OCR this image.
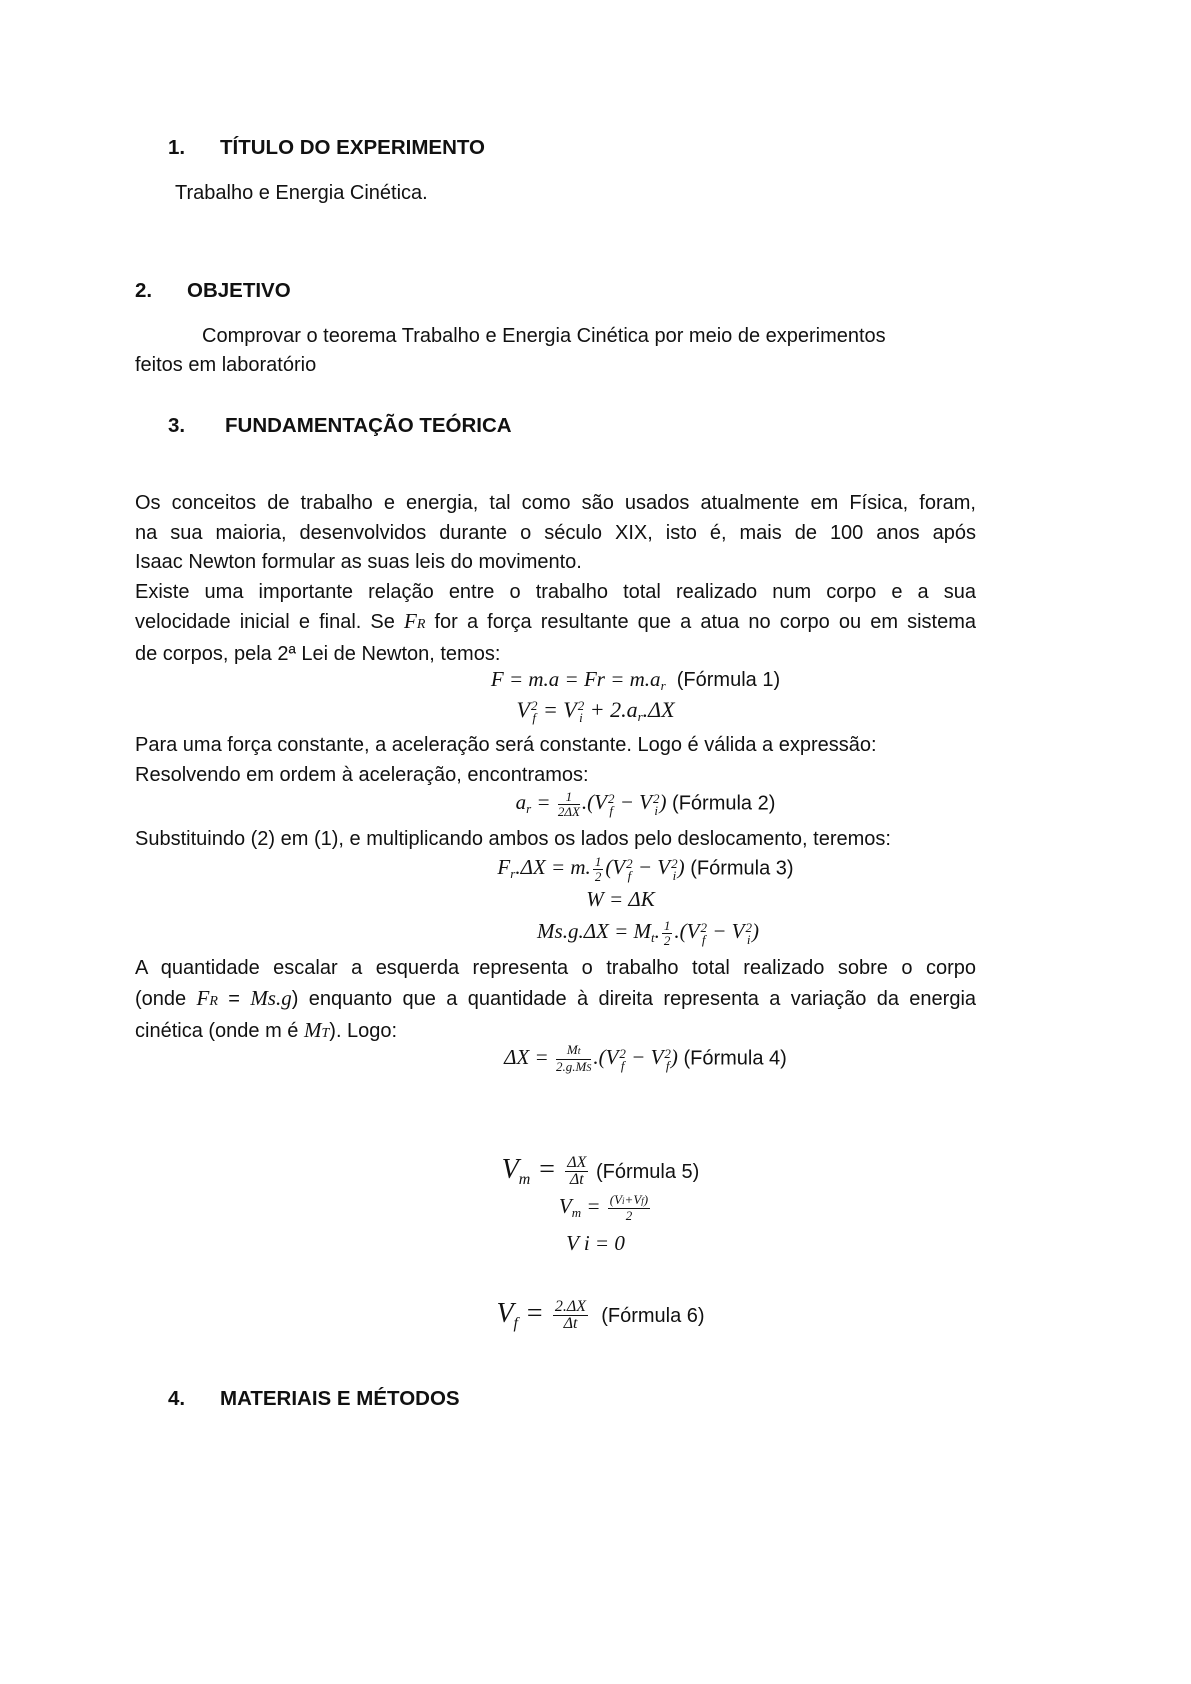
1. TÍTULO DO EXPERIMENTO
Trabalho e Energia Cinética.
2. OBJETIVO
Comprovar o teorema Trabalho e Energia Cinética por meio de experimentos
feitos em laboratório
3. FUNDAMENTAÇÃO TEÓRICA
Os conceitos de trabalho e energia, tal como são usados atualmente em Física, foram,
na sua maioria, desenvolvidos durante o século XIX, isto é, mais de 100 anos após
Isaac Newton formular as suas leis do movimento.
Existe uma importante relação entre o trabalho total realizado num corpo e a sua
velocidade inicial e final. Se FR for a força resultante que a atua no corpo ou em sistema
de corpos, pela 2ª Lei de Newton, temos:
$F = m.a = Fr = m.a_r$ (Fórmula 1)
V 2
f = V 2
$i + 2.a_r.\Delta X$
Para uma força constante, a aceleração será constante. Logo é válida a expressão:
Resolvendo em ordem à aceleração, encontramos:
$a_r = \frac{1}{2\Delta X} .(V$ 2
f − V 2
i ) (Fórmula 2)
Substituindo (2) em (1), e multiplicando ambos os lados pelo deslocamento, teremos:
$F_r.\Delta X = m$. $\frac{1}{2} (V$ 2
f − V 2
i ) (Fórmula 3)
W = ΔK
$Ms.g.\Delta X = M_t$. $\frac{1}{2} .(V$ 2
f − V 2
i )
A quantidade escalar a esquerda representa o trabalho total realizado sobre o corpo
(onde FR = Ms.g) enquanto que a quantidade à direita representa a variação da energia
cinética (onde m é MT). Logo:
$\Delta X = \frac{Mt}{2.g.MS} .(V$ 2
f − V 2
f ) (Fórmula 4)
$V_m = \frac{\Delta X}{\Delta t}$ (Fórmula 5)
$V_m = \frac{(Vi+Vf)}{2}$
V i = 0
$V_f = \frac{2.\Delta X}{\Delta t}$ (Fórmula 6)
4. MATERIAIS E MÉTODOS
